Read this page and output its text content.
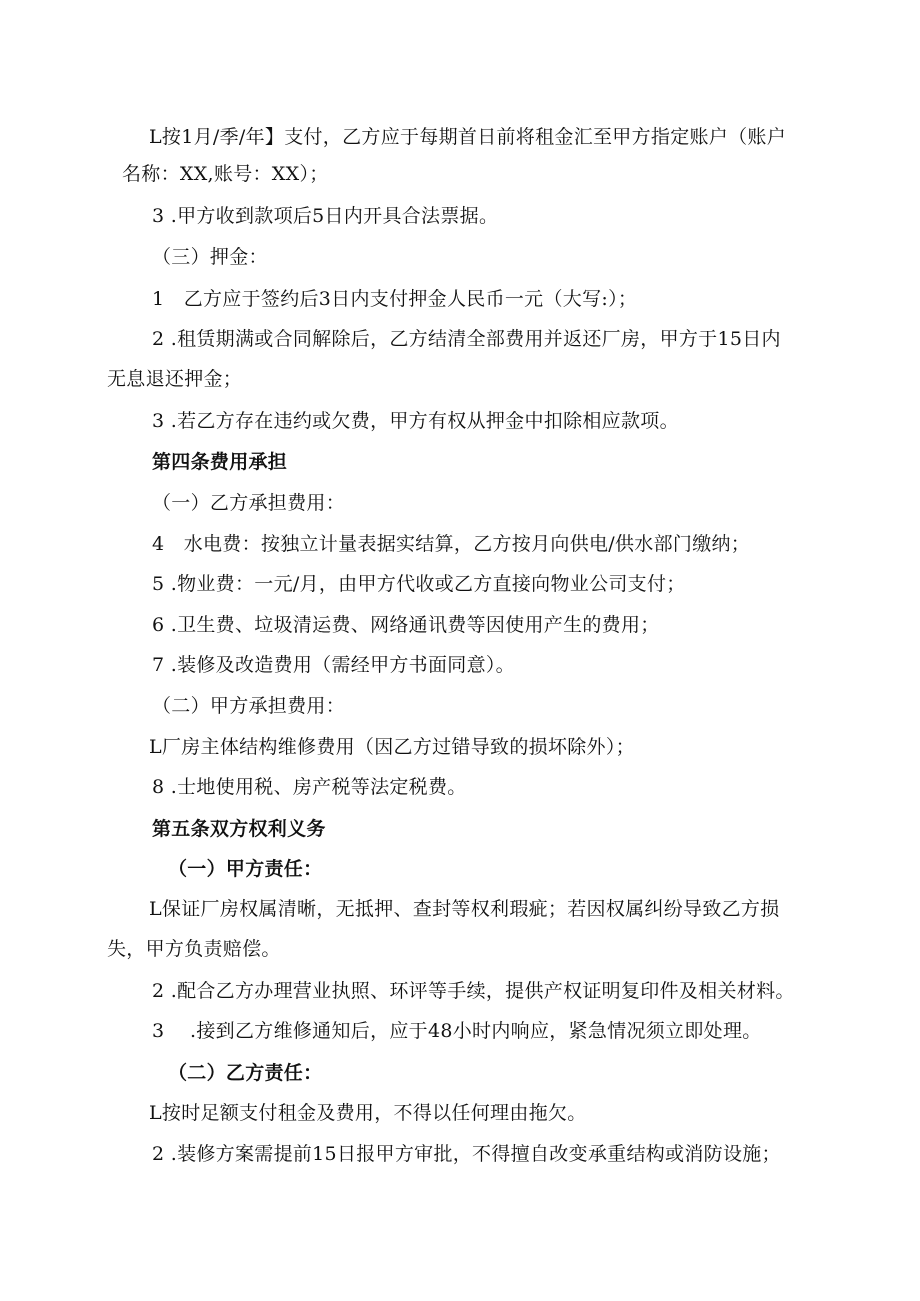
L按1月/季/年】支付，乙方应于每期首日前将租金汇至甲方指定账户（账户
名称：XX,账号：XX）；
3 .甲方收到款项后5日内开具合法票据。
（三）押金：
1　乙方应于签约后3日内支付押金人民币一元（大写:）；
2 .租赁期满或合同解除后，乙方结清全部费用并返还厂房，甲方于15日内
无息退还押金；
3 .若乙方存在违约或欠费，甲方有权从押金中扣除相应款项。
第四条费用承担
（一）乙方承担费用：
4　水电费：按独立计量表据实结算，乙方按月向供电/供水部门缴纳；
5 .物业费：一元/月，由甲方代收或乙方直接向物业公司支付；
6 .卫生费、垃圾清运费、网络通讯费等因使用产生的费用；
7 .装修及改造费用（需经甲方书面同意）。
（二）甲方承担费用：
L厂房主体结构维修费用（因乙方过错导致的损坏除外）；
8 .士地使用税、房产税等法定税费。
第五条双方权利义务
（一）甲方责任：
L保证厂房权属清晰，无抵押、查封等权利瑕疵；若因权属纠纷导致乙方损
失，甲方负责赔偿。
2 .配合乙方办理营业执照、环评等手续，提供产权证明复印件及相关材料。
3　 .接到乙方维修通知后，应于48小时内响应，紧急情况须立即处理。
（二）乙方责任：
L按时足额支付租金及费用，不得以任何理由拖欠。
2 .装修方案需提前15日报甲方审批，不得擅自改变承重结构或消防设施；
